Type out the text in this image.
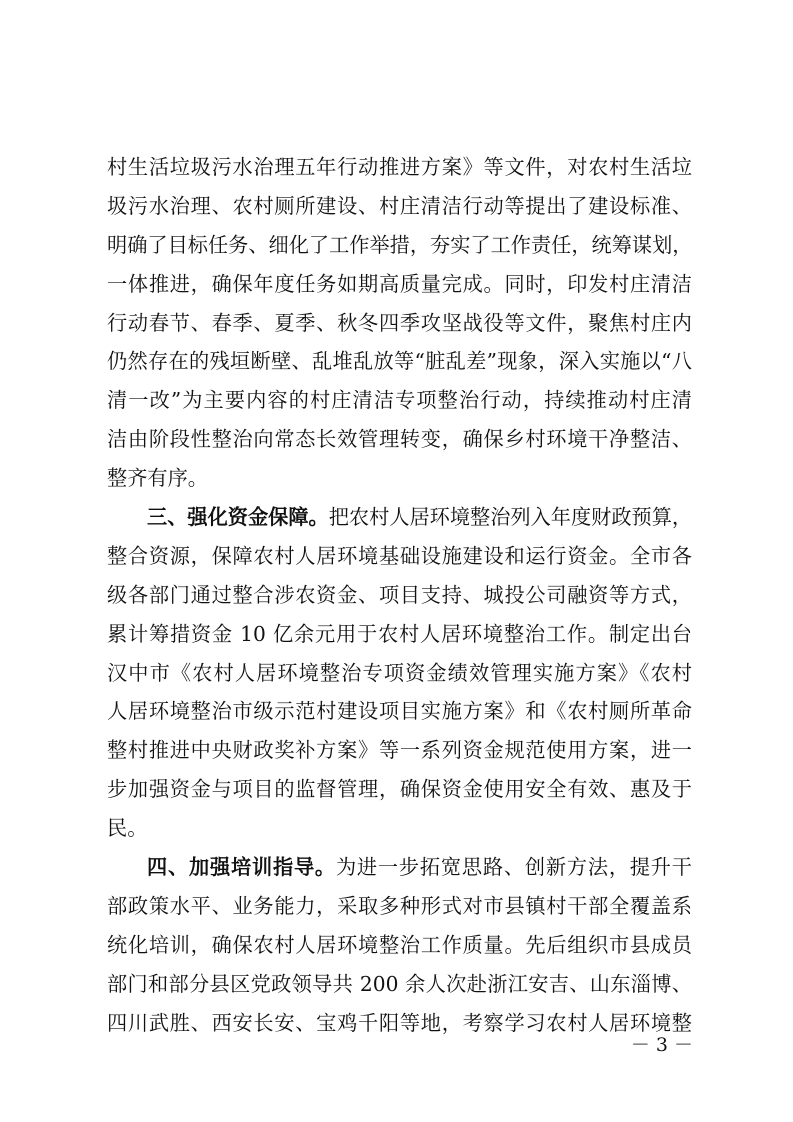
村生活垃圾污水治理五年行动推进方案》等文件，对农村生活垃
圾污水治理、农村厕所建设、村庄清洁行动等提出了建设标准、
明确了目标任务、细化了工作举措，夯实了工作责任，统筹谋划，
一体推进，确保年度任务如期高质量完成。同时，印发村庄清洁
行动春节、春季、夏季、秋冬四季攻坚战役等文件，聚焦村庄内
仍然存在的残垣断壁、乱堆乱放等“脏乱差”现象，深入实施以“八
清一改”为主要内容的村庄清洁专项整治行动，持续推动村庄清
洁由阶段性整治向常态长效管理转变，确保乡村环境干净整洁、
整齐有序。
三、强化资金保障。把农村人居环境整治列入年度财政预算，
整合资源，保障农村人居环境基础设施建设和运行资金。全市各
级各部门通过整合涉农资金、项目支持、城投公司融资等方式，
累计筹措资金 10 亿余元用于农村人居环境整治工作。制定出台
汉中市《农村人居环境整治专项资金绩效管理实施方案》《农村
人居环境整治市级示范村建设项目实施方案》和《农村厕所革命
整村推进中央财政奖补方案》等一系列资金规范使用方案，进一
步加强资金与项目的监督管理，确保资金使用安全有效、惠及于
民。
四、加强培训指导。为进一步拓宽思路、创新方法，提升干
部政策水平、业务能力，采取多种形式对市县镇村干部全覆盖系
统化培训，确保农村人居环境整治工作质量。先后组织市县成员
部门和部分县区党政领导共 200 余人次赴浙江安吉、山东淄博、
四川武胜、西安长安、宝鸡千阳等地，考察学习农村人居环境整
－ 3 －
